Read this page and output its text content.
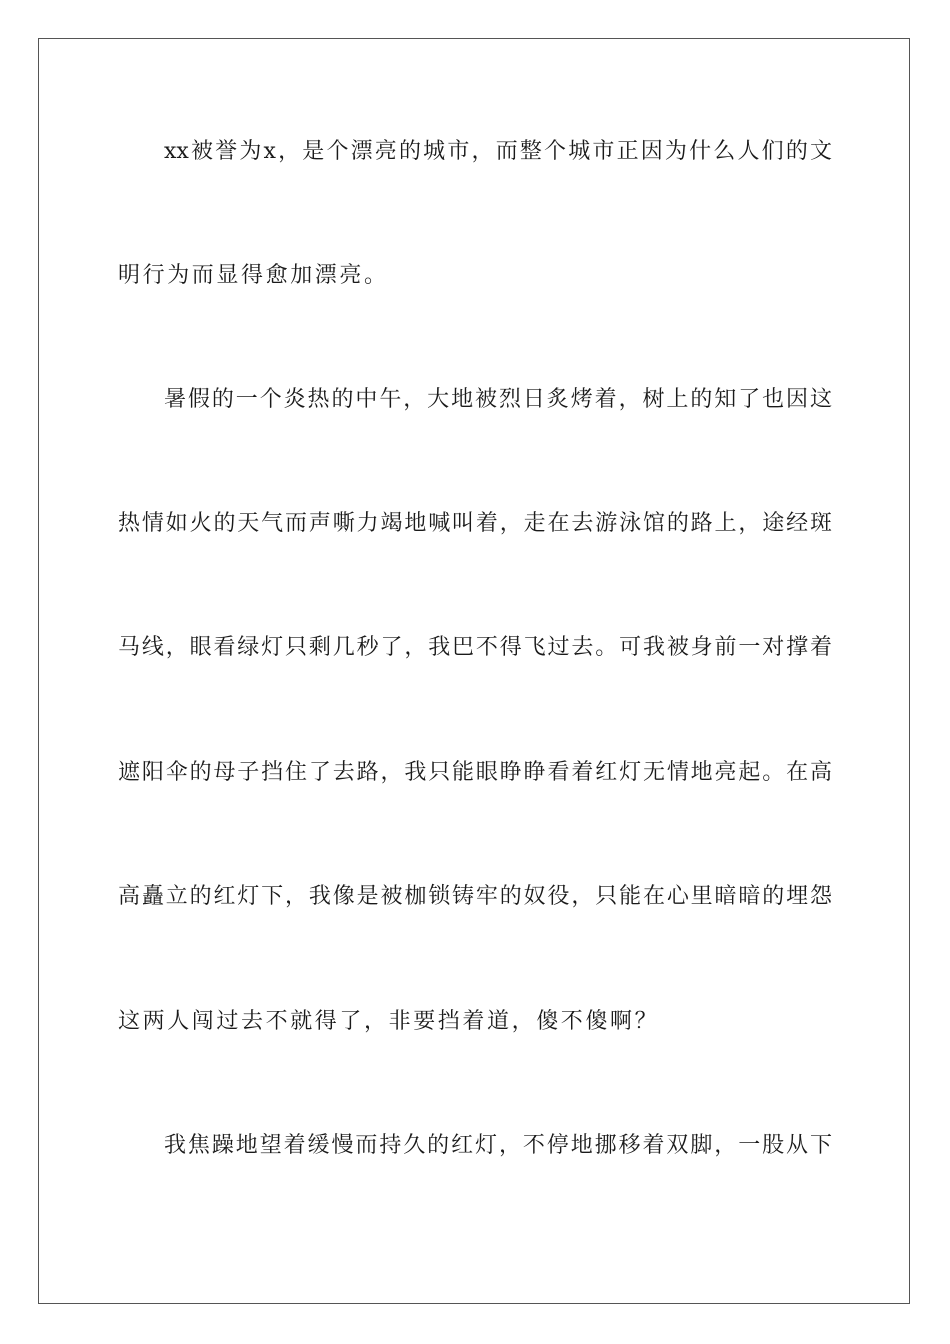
xx被誉为x，是个漂亮的城市，而整个城市正因为什么人们的文
明行为而显得愈加漂亮。
暑假的一个炎热的中午，大地被烈日炙烤着，树上的知了也因这
热情如火的天气而声嘶力竭地喊叫着，走在去游泳馆的路上，途经斑
马线，眼看绿灯只剩几秒了，我巴不得飞过去。可我被身前一对撑着
遮阳伞的母子挡住了去路，我只能眼睁睁看着红灯无情地亮起。在高
高矗立的红灯下，我像是被枷锁铸牢的奴役，只能在心里暗暗的埋怨
这两人闯过去不就得了，非要挡着道，傻不傻啊？
我焦躁地望着缓慢而持久的红灯，不停地挪移着双脚，一股从下
